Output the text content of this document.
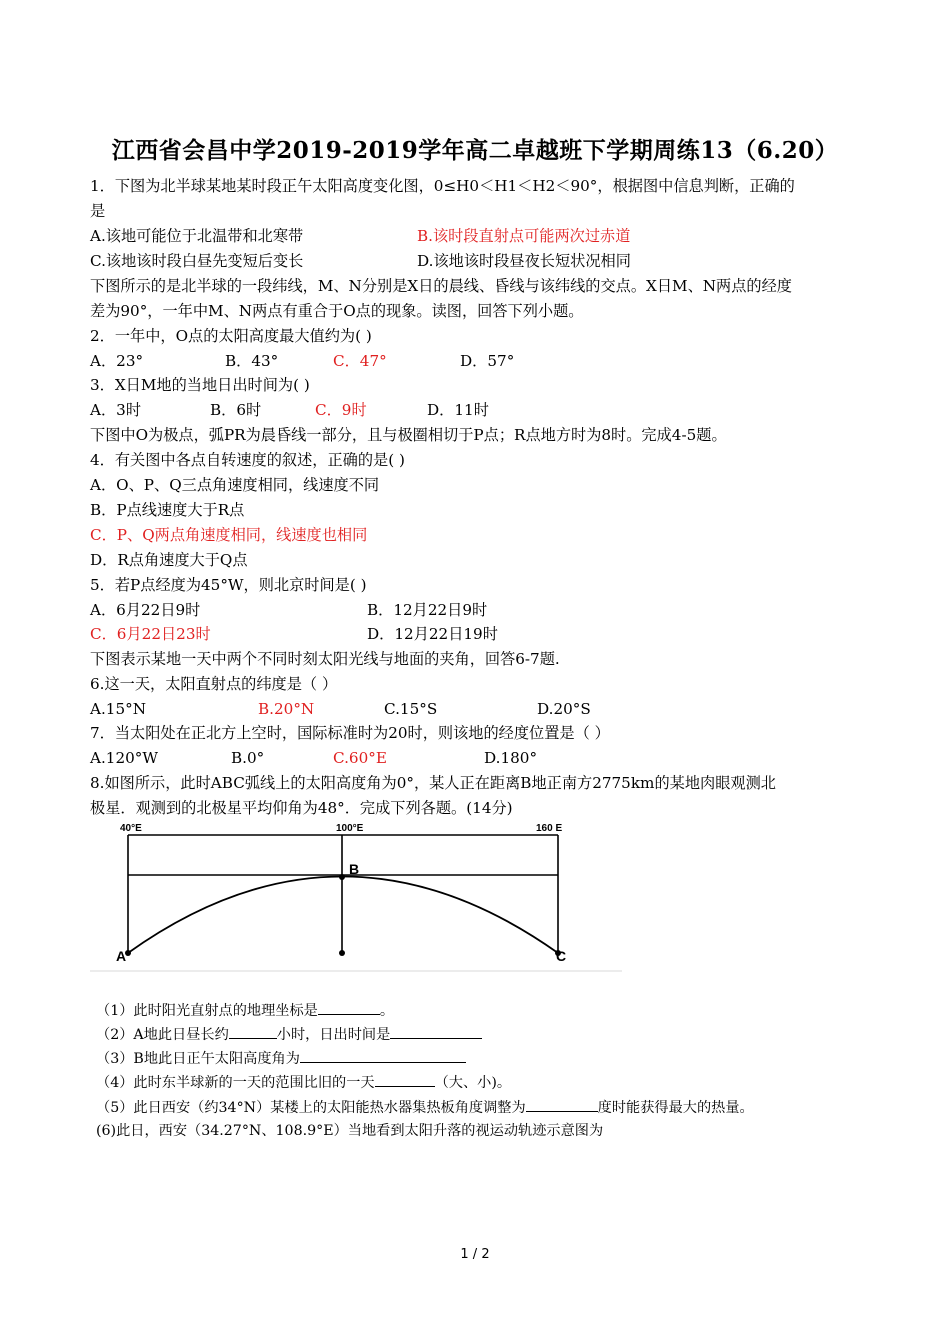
江西省会昌中学2019-2019学年高二卓越班下学期周练13（6.20）
1．下图为北半球某地某时段正午太阳高度变化图，0≤H0＜H1＜H2＜90°，根据图中信息判断，正确的
是
A.该地可能位于北温带和北寒带	B.该时段直射点可能两次过赤道
C.该地该时段白昼先变短后变长	D.该地该时段昼夜长短状况相同
下图所示的是北半球的一段纬线，M、N分别是X日的晨线、昏线与该纬线的交点。X日M、N两点的经度
差为90°，一年中M、N两点有重合于O点的现象。读图，回答下列小题。
2．一年中，O点的太阳高度最大值约为( )
A．23°	B．43°	C．47°	D．57°
3．X日M地的当地日出时间为( )
A．3时	B．6时	C．9时	D．11时
下图中O为极点，弧PR为晨昏线一部分，且与极圈相切于P点；R点地方时为8时。完成4-5题。
4．有关图中各点自转速度的叙述，正确的是( )
A．O、P、Q三点角速度相同，线速度不同
B．P点线速度大于R点
C．P、Q两点角速度相同，线速度也相同
D．R点角速度大于Q点
5．若P点经度为45°W，则北京时间是( )
A．6月22日9时	B．12月22日9时
C．6月22日23时	D．12月22日19时
下图表示某地一天中两个不同时刻太阳光线与地面的夹角，回答6-7题.
6.这一天，太阳直射点的纬度是（ ）
A.15°N	B.20°N	C.15°S	D.20°S
7．当太阳处在正北方上空时，国际标准时为20时，则该地的经度位置是（ ）
A.120°W	B.0°	C.60°E	D.180°
8.如图所示，此时ABC弧线上的太阳高度角为0°，某人正在距离B地正南方2775km的某地肉眼观测北
极星．观测到的北极星平均仰角为48°．完成下列各题。(14分)
40°E	100°E	160 E
A
B
C
（1）此时阳光直射点的地理坐标是	。
（2）A地此日昼长约	小时，日出时间是
（3）B地此日正午太阳高度角为
（4）此时东半球新的一天的范围比旧的一天	（大、小)。
（5）此日西安（约34°N）某楼上的太阳能热水器集热板角度调整为	度时能获得最大的热量。
(6)此日，西安（34.27°N、108.9°E）当地看到太阳升落的视运动轨迹示意图为
1 / 2
